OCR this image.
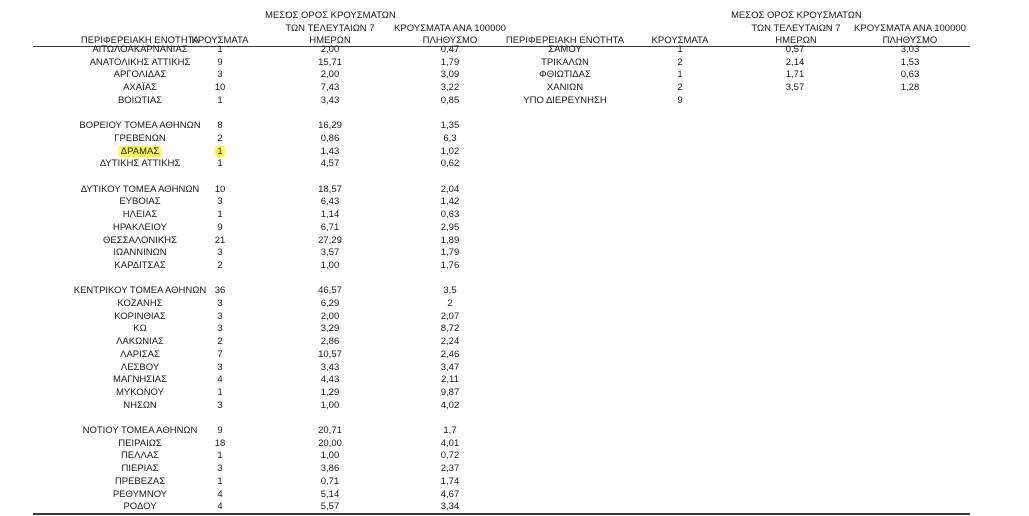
ΠΕΡΙΦΕΡΕΙΑΚΗ ΕΝΟΤΗΤΑ
ΚΡΟΥΣΜΑΤΑ
ΜΕΣΟΣ ΟΡΟΣ ΚΡΟΥΣΜΑΤΩΝ
ΤΩΝ ΤΕΛΕΥΤΑΙΩΝ 7
ΗΜΕΡΩΝ
ΚΡΟΥΣΜΑΤΑ ΑΝΑ 100000
ΠΛΗΘΥΣΜΟ	ΠΕΡΙΦΕΡΕΙΑΚΗ ΕΝΟΤΗΤΑ	ΚΡΟΥΣΜΑΤΑ
ΜΕΣΟΣ ΟΡΟΣ ΚΡΟΥΣΜΑΤΩΝ
ΤΩΝ ΤΕΛΕΥΤΑΙΩΝ 7
ΗΜΕΡΩΝ
ΚΡΟΥΣΜΑΤΑ ΑΝΑ 100000
ΠΛΗΘΥΣΜΟ
ΑΙΤΩΛΟΑΚΑΡΝΑΝΙΑΣ	1	2,00	0,47
ΑΝΑΤΟΛΙΚΗΣ ΑΤΤΙΚΗΣ	9	15,71	1,79
ΑΡΓΟΛΙΔΑΣ	3	2,00	3,09
ΑΧΑΪΑΣ	10	7,43	3,22
ΒΟΙΩΤΙΑΣ	1	3,43	0,85
ΒΟΡΕΙΟΥ ΤΟΜΕΑ ΑΘΗΝΩΝ	8	16,29	1,35
ΓΡΕΒΕΝΩΝ	2	0,86	6,3
ΔΡΑΜΑΣ	1	1,43	1,02
ΔΥΤΙΚΗΣ ΑΤΤΙΚΗΣ	1	4,57	0,62
ΔΥΤΙΚΟΥ ΤΟΜΕΑ ΑΘΗΝΩΝ	10	18,57	2,04
ΕΥΒΟΙΑΣ	3	6,43	1,42
ΗΛΕΙΑΣ	1	1,14	0,63
ΗΡΑΚΛΕΙΟΥ	9	6,71	2,95
ΘΕΣΣΑΛΟΝΙΚΗΣ	21	27,29	1,89
ΙΩΑΝΝΙΝΩΝ	3	3,57	1,79
ΚΑΡΔΙΤΣΑΣ	2	1,00	1,76
ΚΕΝΤΡΙΚΟΥ ΤΟΜΕΑ ΑΘΗΝΩΝ 36	46,57	3,5
ΚΟΖΑΝΗΣ	3	6,29	2
ΚΟΡΙΝΘΙΑΣ	3	2,00	2,07
ΚΩ	3	3,29	8,72
ΛΑΚΩΝΙΑΣ	2	2,86	2,24
ΛΑΡΙΣΑΣ	7	10,57	2,46
ΛΕΣΒΟΥ	3	3,43	3,47
ΜΑΓΝΗΣΙΑΣ	4	4,43	2,11
ΜΥΚΟΝΟΥ	1	1,29	9,87
ΝΗΣΩΝ	3	1,00	4,02
ΝΟΤΙΟΥ ΤΟΜΕΑ ΑΘΗΝΩΝ	9	20,71	1,7
ΠΕΙΡΑΙΩΣ	18	20,00	4,01
ΠΕΛΛΑΣ	1	1,00	0,72
ΠΙΕΡΙΑΣ	3	3,86	2,37
ΠΡΕΒΕΖΑΣ	1	0,71	1,74
ΡΕΘΥΜΝΟΥ	4	5,14	4,67
ΡΟΔΟΥ	4	5,57	3,34
ΣΑΜΟΥ	1	0,57	3,03
ΤΡΙΚΑΛΩΝ	2	2,14	1,53
ΦΘΙΩΤΙΔΑΣ	1	1,71	0,63
ΧΑΝΙΩΝ	2	3,57	1,28
ΥΠΟ ΔΙΕΡΕΥΝΗΣΗ	9
